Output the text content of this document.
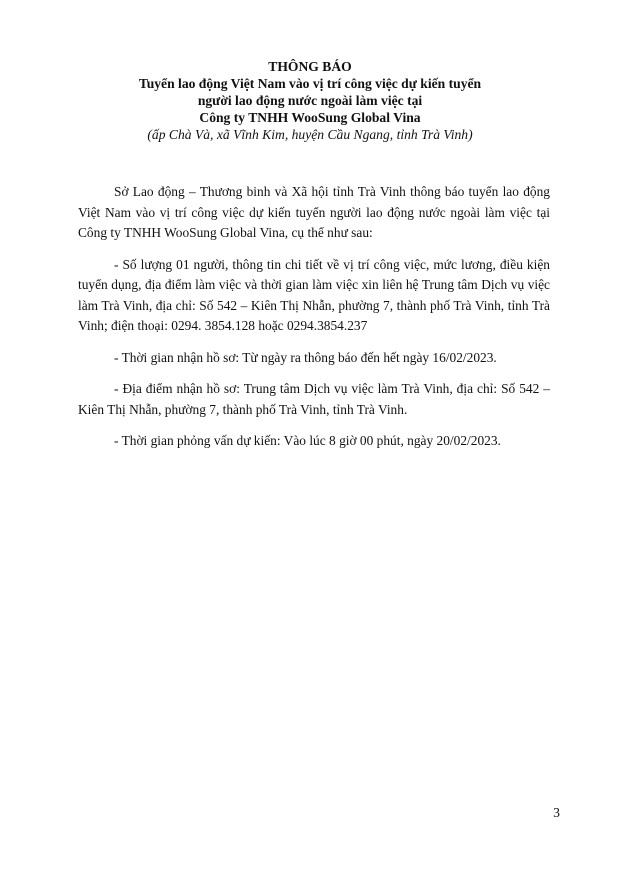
THÔNG BÁO
Tuyển lao động Việt Nam vào vị trí công việc dự kiến tuyển
người lao động nước ngoài làm việc tại
Công ty TNHH WooSung Global Vina
(ấp Chà Và, xã Vĩnh Kim, huyện Cầu Ngang, tỉnh Trà Vinh)

Sở Lao động – Thương binh và Xã hội tỉnh Trà Vinh thông báo tuyển lao động Việt Nam vào vị trí công việc dự kiến tuyển người lao động nước ngoài làm việc tại Công ty TNHH WooSung Global Vina, cụ thể như sau:

- Số lượng 01 người, thông tin chi tiết về vị trí công việc, mức lương, điều kiện tuyển dụng, địa điểm làm việc và thời gian làm việc xin liên hệ Trung tâm Dịch vụ việc làm Trà Vinh, địa chỉ: Số 542 – Kiên Thị Nhẫn, phường 7, thành phố Trà Vinh, tỉnh Trà Vinh; điện thoại: 0294. 3854.128 hoặc 0294.3854.237

- Thời gian nhận hồ sơ: Từ ngày ra thông báo đến hết ngày 16/02/2023.

- Địa điểm nhận hồ sơ: Trung tâm Dịch vụ việc làm Trà Vinh, địa chỉ: Số 542 – Kiên Thị Nhẫn, phường 7, thành phố Trà Vinh, tỉnh Trà Vinh.

- Thời gian phỏng vấn dự kiến: Vào lúc 8 giờ 00 phút, ngày 20/02/2023.

3
